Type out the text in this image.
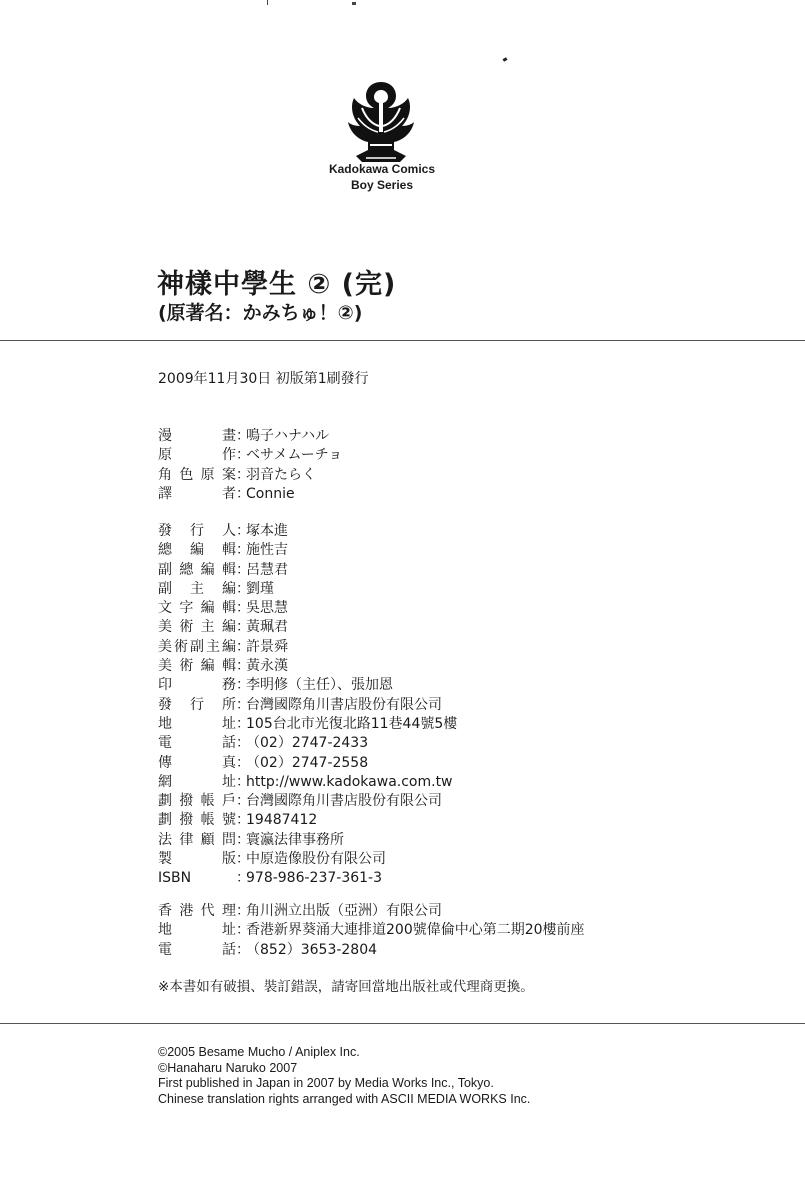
Kadokawa Comics
Boy Series
神樣中學生 ② (完)
(原著名：かみちゅ！②)
2009年11月30日 初版第1刷發行
漫畫：鳴子ハナハル
原作：ベサメムーチョ
角色原案：羽音たらく
譯者：Connie
發行人：塚本進
總編輯：施性吉
副總編輯：呂慧君
副主編：劉瑾
文字編輯：吳思慧
美術主編：黃珮君
美術副主編：許景舜
美術編輯：黃永漢
印務：李明修（主任）、張加恩
發行所：台灣國際角川書店股份有限公司
地址：105台北市光復北路11巷44號5樓
電話：（02）2747-2433
傳真：（02）2747-2558
網址：http://www.kadokawa.com.tw
劃撥帳戶：台灣國際角川書店股份有限公司
劃撥帳號：19487412
法律顧問：寰瀛法律事務所
製版：中原造像股份有限公司
ISBN	：978-986-237-361-3
香港代理：角川洲立出版（亞洲）有限公司
地址：香港新界葵涌大連排道200號偉倫中心第二期20樓前座
電話：（852）3653-2804
※本書如有破損、裝訂錯誤，請寄回當地出版社或代理商更換。
©2005 Besame Mucho / Aniplex Inc.
©Hanaharu Naruko 2007
First published in Japan in 2007 by Media Works Inc., Tokyo.
Chinese translation rights arranged with ASCII MEDIA WORKS Inc.
